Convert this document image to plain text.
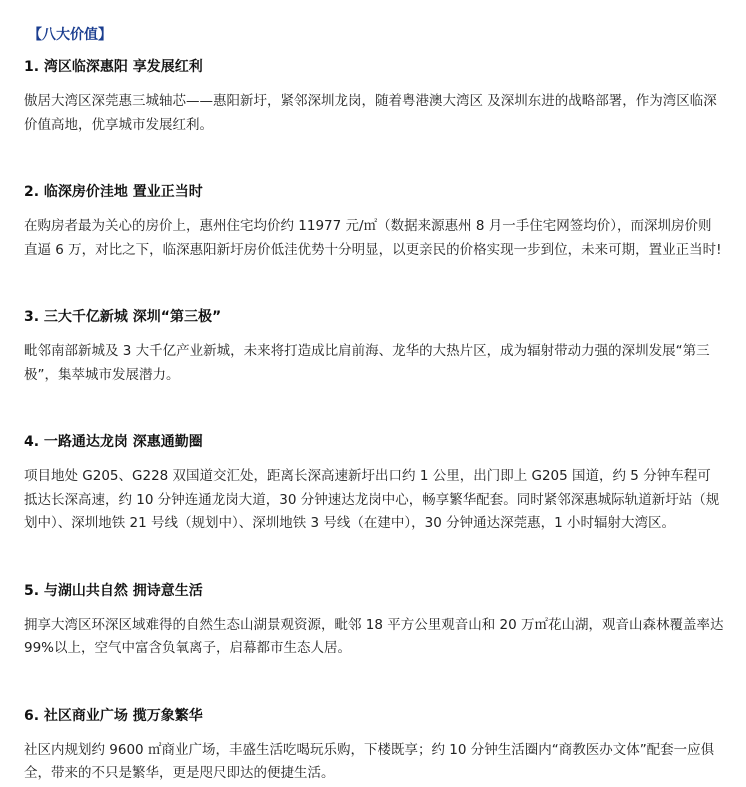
【八大价值】
1. 湾区临深惠阳 享发展红利
傲居大湾区深莞惠三城轴芯——惠阳新圩，紧邻深圳龙岗，随着粤港澳大湾区 及深圳东进的战略部署，作为湾区临深价值高地，优享城市发展红利。
2. 临深房价洼地 置业正当时
在购房者最为关心的房价上，惠州住宅均价约 11977 元/㎡（数据来源惠州 8 月一手住宅网签均价），而深圳房价则直逼 6 万，对比之下，临深惠阳新圩房价低洼优势十分明显，以更亲民的价格实现一步到位，未来可期，置业正当时!
3. 三大千亿新城 深圳“第三极”
毗邻南部新城及 3 大千亿产业新城，未来将打造成比肩前海、龙华的大热片区，成为辐射带动力强的深圳发展“第三极”，集萃城市发展潜力。
4. 一路通达龙岗 深惠通勤圈
项目地处 G205、G228 双国道交汇处，距离长深高速新圩出口约 1 公里，出门即上 G205 国道，约 5 分钟车程可抵达长深高速，约 10 分钟连通龙岗大道，30 分钟速达龙岗中心，畅享繁华配套。同时紧邻深惠城际轨道新圩站（规划中）、深圳地铁 21 号线（规划中）、深圳地铁 3 号线（在建中），30 分钟通达深莞惠，1 小时辐射大湾区。
5. 与湖山共自然 拥诗意生活
拥享大湾区环深区域难得的自然生态山湖景观资源，毗邻 18 平方公里观音山和 20 万㎡花山湖，观音山森林覆盖率达 99%以上，空气中富含负氧离子，启幕都市生态人居。
6. 社区商业广场 揽万象繁华
社区内规划约 9600 ㎡商业广场，丰盛生活吃喝玩乐购，下楼既享；约 10 分钟生活圈内“商教医办文体”配套一应俱全，带来的不只是繁华，更是咫尺即达的便捷生活。
